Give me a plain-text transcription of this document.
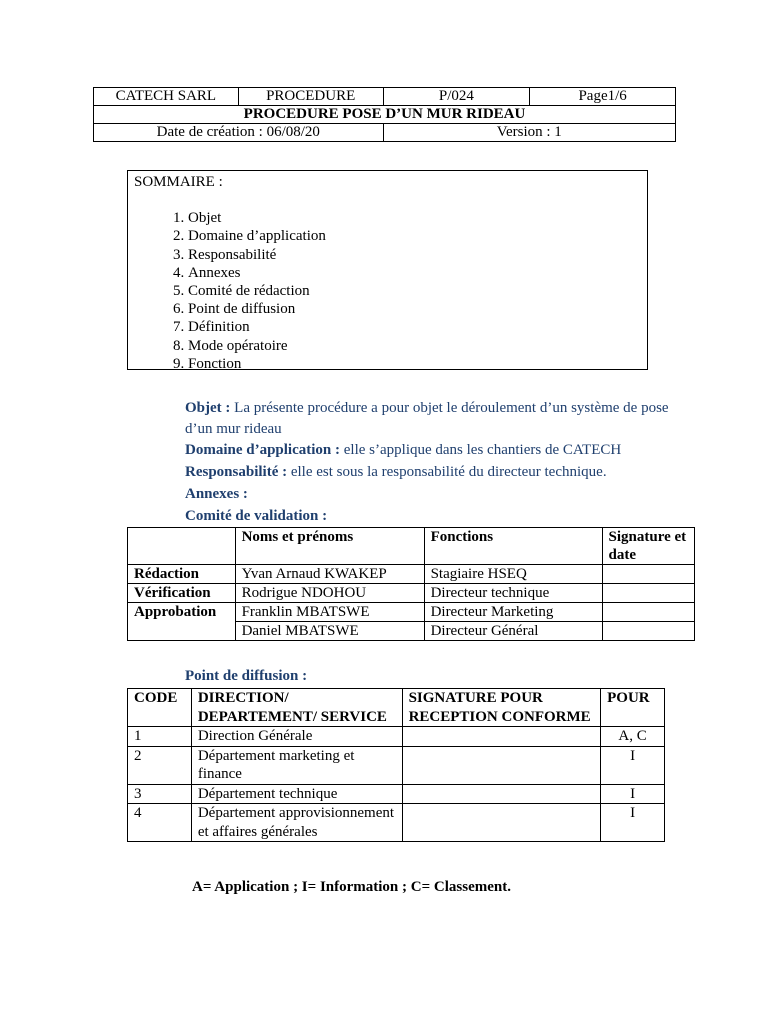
CATECH SARL	PROCEDURE	P/024	Page1/6
PROCEDURE POSE D’UN MUR RIDEAU			
Date de création : 06/08/20		Version : 1	
SOMMAIRE :
1. Objet
2. Domaine d’application
3. Responsabilité
4. Annexes
5. Comité de rédaction
6. Point de diffusion
7. Définition
8. Mode opératoire
9. Fonction
Objet : La présente procédure a pour objet le déroulement d’un système de pose d’un mur rideau
Domaine d’application : elle s’applique dans les chantiers de CATECH
Responsabilité : elle est sous la responsabilité du directeur technique.
Annexes :
Comité de validation :
	Noms et prénoms	Fonctions	Signature et date
Rédaction	Yvan Arnaud KWAKEP	Stagiaire HSEQ	
Vérification	Rodrigue NDOHOU	Directeur technique	
Approbation	Franklin MBATSWE	Directeur Marketing	
	Daniel MBATSWE	Directeur Général	
Point de diffusion :
CODE	DIRECTION/ DEPARTEMENT/ SERVICE	SIGNATURE POUR RECEPTION CONFORME	POUR
1	Direction Générale		A, C
2	Département marketing et finance		I
3	Département technique		I
4	Département approvisionnement et affaires générales		I
A= Application ; I= Information ; C= Classement.
